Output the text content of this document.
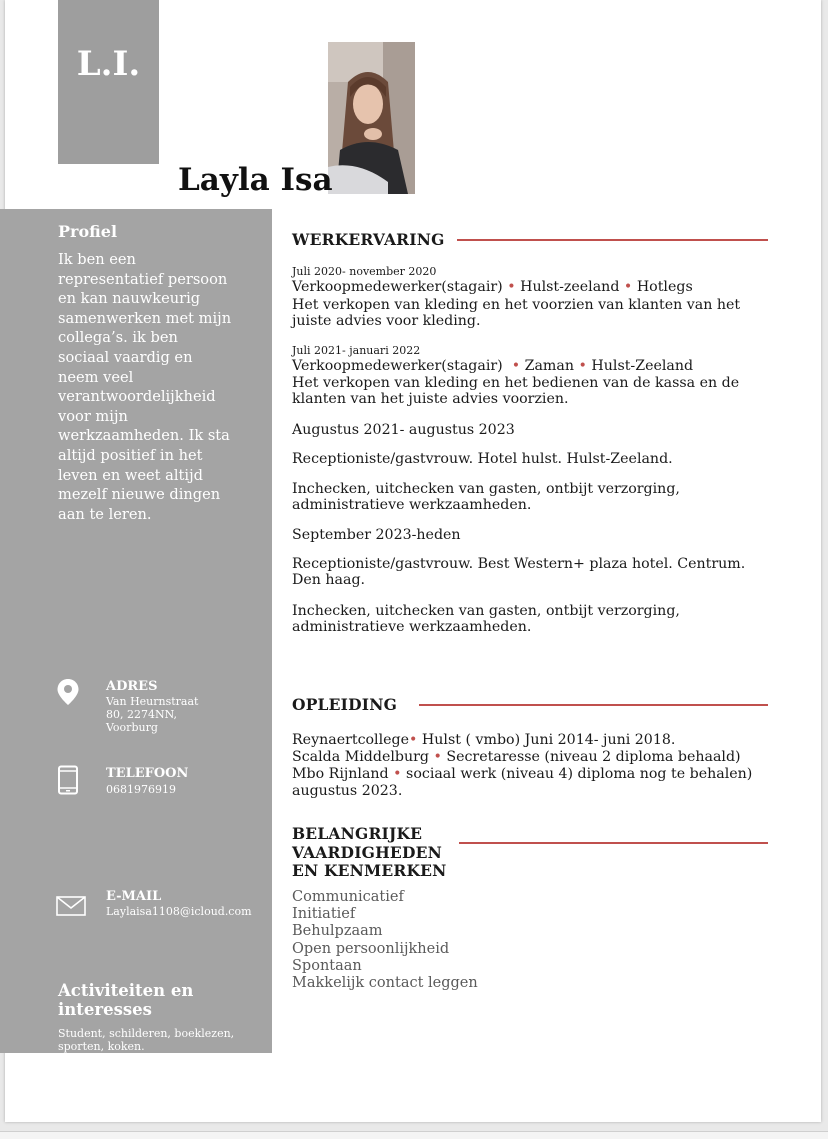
L.I.
Layla Isa
Profiel
Ik ben een representatief persoon en kan nauwkeurig samenwerken met mijn collega’s. ik ben sociaal vaardig en neem veel verantwoordelijkheid voor mijn werkzaamheden. Ik sta altijd positief in het leven en weet altijd mezelf nieuwe dingen aan te leren.
ADRES
Van Heurnstraat 80, 2274NN, Voorburg
TELEFOON
0681976919
E-MAIL
Laylaisa1108@icloud.com
Activiteiten en interesses
Student, schilderen, boeklezen, sporten, koken.
WERKERVARING
Juli 2020- november 2020
Verkoopmedewerker(stagair) • Hulst-zeeland • Hotlegs
Het verkopen van kleding en het voorzien van klanten van het juiste advies voor kleding.
Juli 2021- januari 2022
Verkoopmedewerker(stagair)  • Zaman • Hulst-Zeeland
Het verkopen van kleding en het bedienen van de kassa en de klanten van het juiste advies voorzien.
Augustus 2021- augustus 2023
Receptioniste/gastvrouw. Hotel hulst. Hulst-Zeeland.
Inchecken, uitchecken van gasten, ontbijt verzorging, administratieve werkzaamheden.
September 2023-heden
Receptioniste/gastvrouw. Best Western+ plaza hotel. Centrum. Den haag.
Inchecken, uitchecken van gasten, ontbijt verzorging, administratieve werkzaamheden.
OPLEIDING
Reynaertcollege• Hulst ( vmbo) Juni 2014- juni 2018.
Scalda Middelburg • Secretaresse (niveau 2 diploma behaald)
Mbo Rijnland • sociaal werk (niveau 4) diploma nog te behalen)
augustus 2023.
BELANGRIJKE
VAARDIGHEDEN
EN KENMERKEN
Communicatief
Initiatief
Behulpzaam
Open persoonlijkheid
Spontaan
Makkelijk contact leggen
